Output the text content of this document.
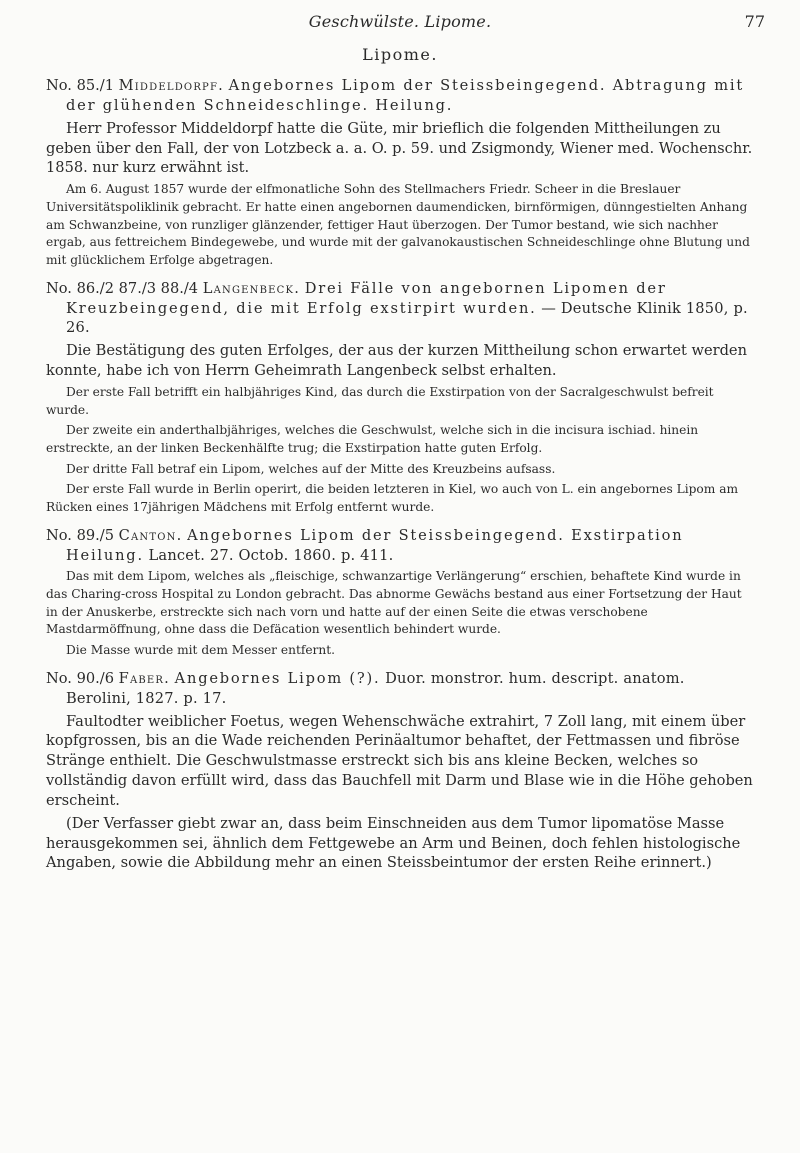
Geschwülste. Lipome.	77
Lipome.
No. 85./1 Middeldorpf. Angebornes Lipom der Steissbeingegend. Abtragung mit der glühenden Schneideschlinge. Heilung.

Herr Professor Middeldorpf hatte die Güte, mir brieflich die folgenden Mittheilungen zu geben über den Fall, der von Lotzbeck a. a. O. p. 59. und Zsigmondy, Wiener med. Wochenschr. 1858. nur kurz erwähnt ist.

Am 6. August 1857 wurde der elfmonatliche Sohn des Stellmachers Friedr. Scheer in die Breslauer Universitätspoliklinik gebracht. Er hatte einen angebornen daumendicken, birnförmigen, dünngestielten Anhang am Schwanzbeine, von runzliger glänzender, fettiger Haut überzogen. Der Tumor bestand, wie sich nachher ergab, aus fettreichem Bindegewebe, und wurde mit der galvanokaustischen Schneideschlinge ohne Blutung und mit glücklichem Erfolge abgetragen.

No. 86./2 87./3 88./4 Langenbeck. Drei Fälle von angebornen Lipomen der Kreuzbeingegend, die mit Erfolg exstirpirt wurden. — Deutsche Klinik 1850, p. 26.

Die Bestätigung des guten Erfolges, der aus der kurzen Mittheilung schon erwartet werden konnte, habe ich von Herrn Geheimrath Langenbeck selbst erhalten.

Der erste Fall betrifft ein halbjähriges Kind, das durch die Exstirpation von der Sacralgeschwulst befreit wurde.

Der zweite ein anderthalbjähriges, welches die Geschwulst, welche sich in die incisura ischiad. hinein erstreckte, an der linken Beckenhälfte trug; die Exstirpation hatte guten Erfolg.

Der dritte Fall betraf ein Lipom, welches auf der Mitte des Kreuzbeins aufsass.

Der erste Fall wurde in Berlin operirt, die beiden letzteren in Kiel, wo auch von L. ein angebornes Lipom am Rücken eines 17jährigen Mädchens mit Erfolg entfernt wurde.

No. 89./5 Canton. Angebornes Lipom der Steissbeingegend. Exstirpation Heilung. Lancet. 27. Octob. 1860. p. 411.

Das mit dem Lipom, welches als „fleischige, schwanzartige Verlängerung“ erschien, behaftete Kind wurde in das Charing-cross Hospital zu London gebracht. Das abnorme Gewächs bestand aus einer Fortsetzung der Haut in der Anuskerbe, erstreckte sich nach vorn und hatte auf der einen Seite die etwas verschobene Mastdarmöffnung, ohne dass die Defäcation wesentlich behindert wurde.

Die Masse wurde mit dem Messer entfernt.

No. 90./6 Faber. Angebornes Lipom (?). Duor. monstror. hum. descript. anatom. Berolini, 1827. p. 17.

Faultodter weiblicher Foetus, wegen Wehenschwäche extrahirt, 7 Zoll lang, mit einem über kopfgrossen, bis an die Wade reichenden Perinäaltumor behaftet, der Fettmassen und fibröse Stränge enthielt. Die Geschwulstmasse erstreckt sich bis ans kleine Becken, welches so vollständig davon erfüllt wird, dass das Bauchfell mit Darm und Blase wie in die Höhe gehoben erscheint.

(Der Verfasser giebt zwar an, dass beim Einschneiden aus dem Tumor lipomatöse Masse herausgekommen sei, ähnlich dem Fettgewebe an Arm und Beinen, doch fehlen histologische Angaben, sowie die Abbildung mehr an einen Steissbeintumor der ersten Reihe erinnert.)
